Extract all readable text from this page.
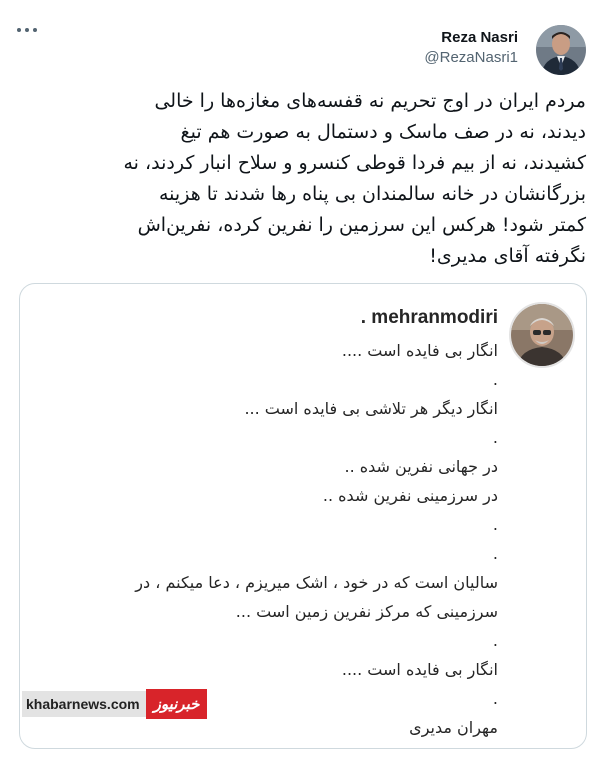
Reza Nasri
@RezaNasri1
مردم ایران در اوج تحریم نه قفسه‌های مغازه‌ها را خالی
دیدند، نه در صف ماسک و دستمال به صورت هم تیغ
کشیدند، نه از بیم فردا قوطی کنسرو و سلاح انبار کردند، نه
بزرگانشان در خانه سالمندان بی پناه رها شدند تا هزینه
کمتر شود! هرکس این سرزمین را نفرین کرده، نفرین‌اش
نگرفته آقای مدیری!
. mehranmodiri
انگار بی فایده است ....
.
انگار دیگر هر تلاشی بی فایده است ...
.
در جهانی نفرین شده ..
در سرزمینی نفرین شده ..
.
.
سالیان است که در خود ، اشک میریزم ، دعا میکنم ، در
سرزمینی که مرکز نفرین زمین است ...
.
انگار بی فایده است ....
.
مهران مدیری
khabarnews.com خبرنیوز
